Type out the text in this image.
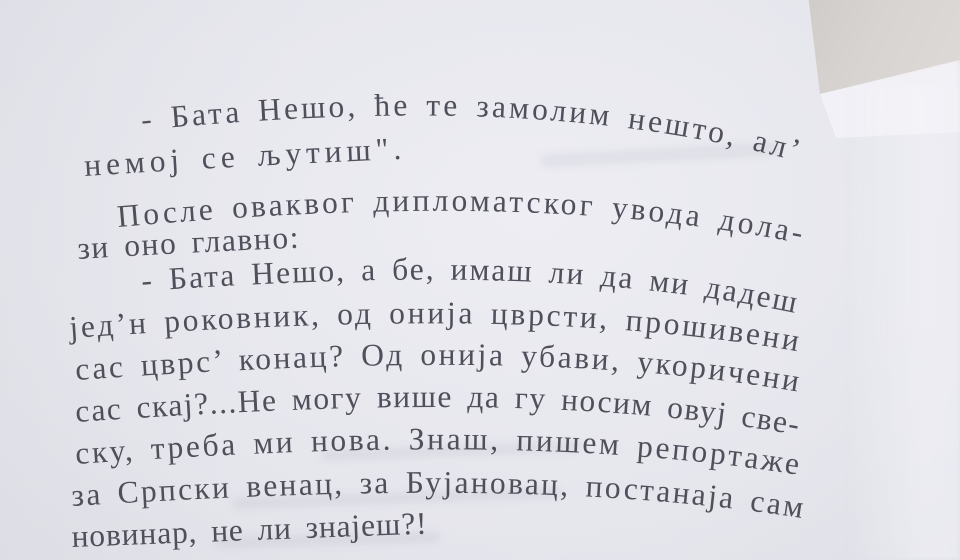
- Бата Нешо, ће те замолим нешто, ал’
немој се љутиш".
После оваквог дипломатског увода дола-
зи оно главно:
- Бата Нешо, а бе, имаш ли да ми дадеш
јед’н роковник, од онија цврсти, прошивени
сас цврс’ конац? Од онија убави, укоричени
сас скај?...Не могу више да гу носим овуј све-
ску, треба ми нова. Знаш, пишем репортаже
за Српски венац, за Бујановац, постанаја сам
новинар, не ли знајеш?!
